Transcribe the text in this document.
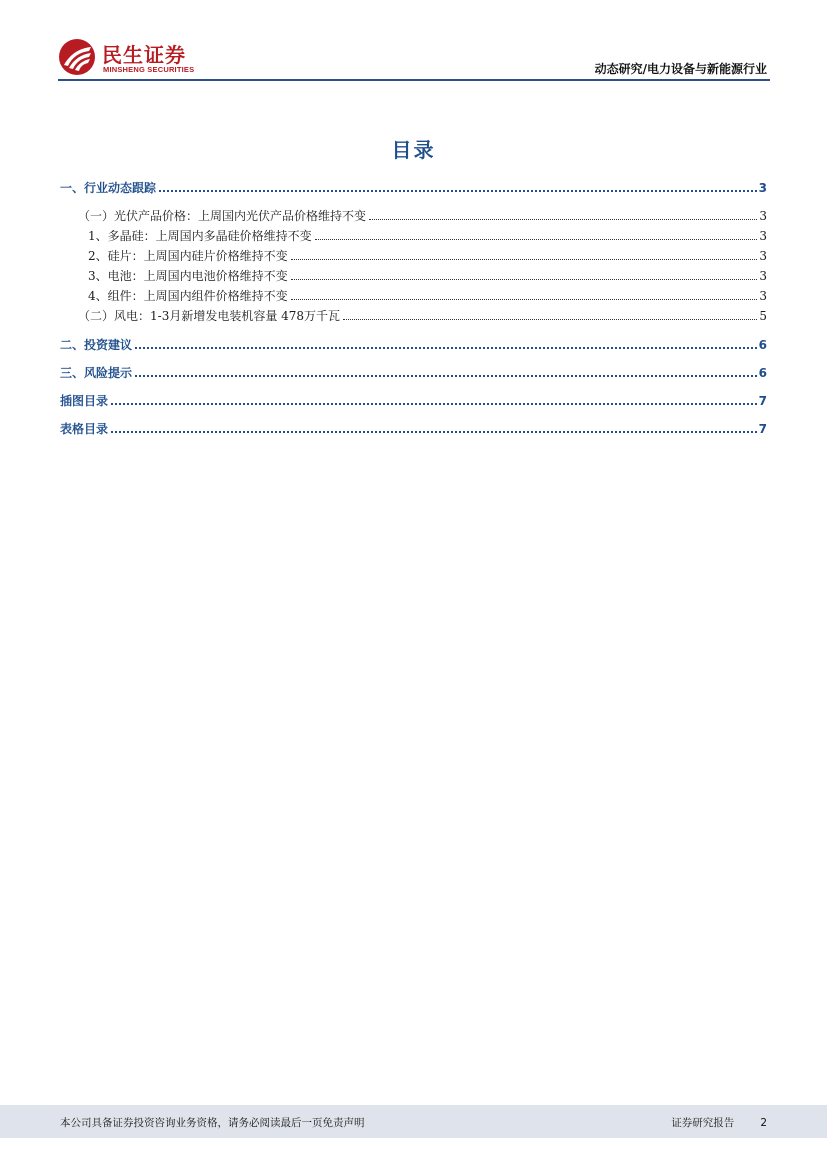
民生证券
MINSHENG SECURITIES	动态研究/电力设备与新能源行业
目录
一、行业动态跟踪	3
（一）光伏产品价格：上周国内光伏产品价格维持不变	3
1、多晶硅：上周国内多晶硅价格维持不变	3
2、硅片：上周国内硅片价格维持不变	3
3、电池：上周国内电池价格维持不变	3
4、组件：上周国内组件价格维持不变	3
（二）风电：1-3月新增发电装机容量 478万千瓦	5
二、投资建议	6
三、风险提示	6
插图目录	7
表格目录	7
本公司具备证券投资咨询业务资格，请务必阅读最后一页免责声明	证券研究报告 2
